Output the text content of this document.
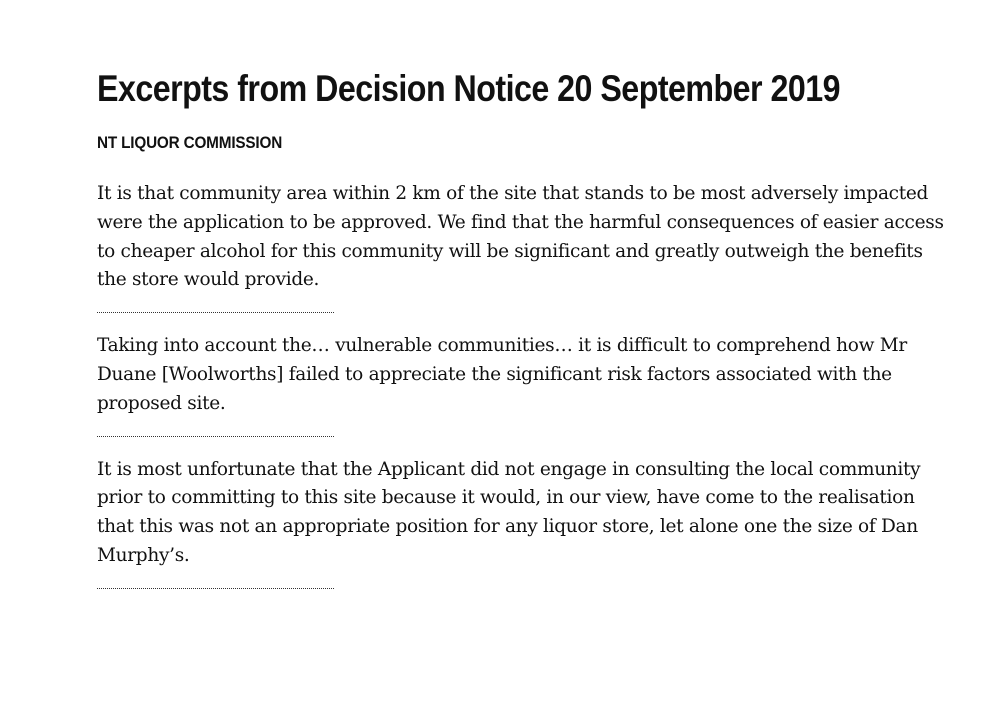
Excerpts from Decision Notice 20 September 2019
NT LIQUOR COMMISSION

It is that community area within 2 km of the site that stands to be most adversely impacted were the application to be approved. We find that the harmful consequences of easier access to cheaper alcohol for this community will be significant and greatly outweigh the benefits the store would provide.

Taking into account the… vulnerable communities… it is difficult to comprehend how Mr Duane [Woolworths] failed to appreciate the significant risk factors associated with the proposed site.

It is most unfortunate that the Applicant did not engage in consulting the local community prior to committing to this site because it would, in our view, have come to the realisation that this was not an appropriate position for any liquor store, let alone one the size of Dan Murphy’s.
